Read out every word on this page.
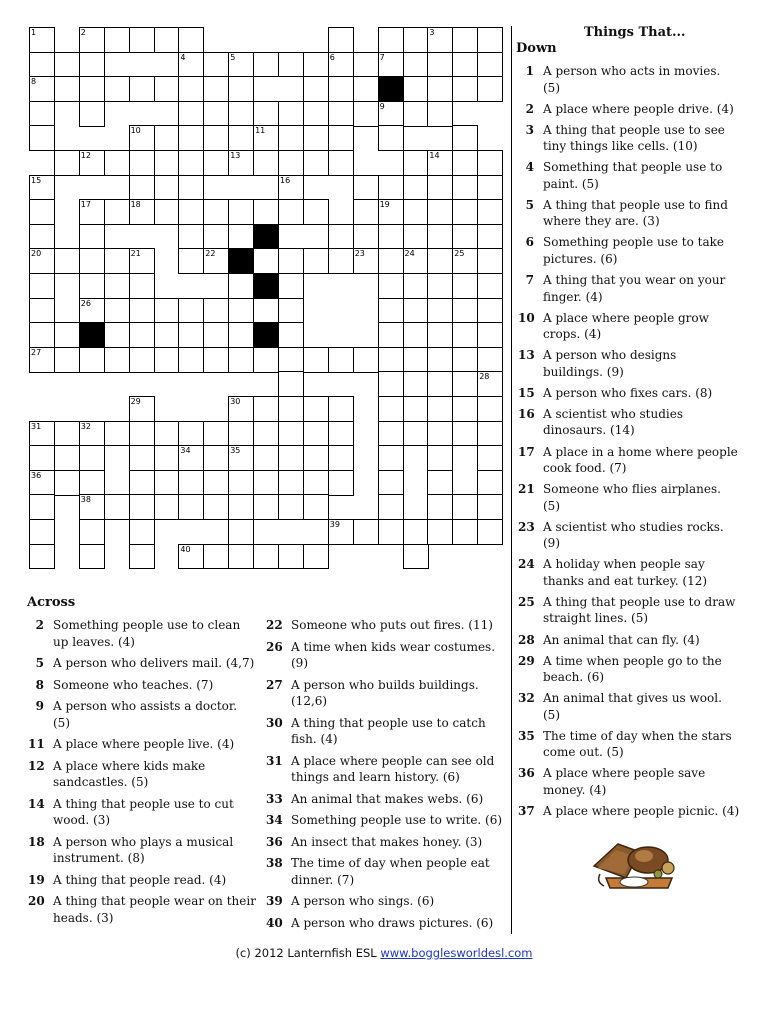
1	2	3
4	5	6	7
8
9
10	11
12	13	14
15	16
17	18	19
20	21	22	23	24	25
26
27
28
29	30
31	32
34	35
36
38
39
40
Things That...
Across
Down
2 Something people use to clean up leaves. (4)
5 A person who delivers mail. (4,7)
8 Someone who teaches. (7)
9 A person who assists a doctor. (5)
11 A place where people live. (4)
12 A place where kids make sandcastles. (5)
14 A thing that people use to cut wood. (3)
18 A person who plays a musical instrument. (8)
19 A thing that people read. (4)
20 A thing that people wear on their heads. (3)
22 Someone who puts out fires. (11)
26 A time when kids wear costumes. (9)
27 A person who builds buildings. (12,6)
30 A thing that people use to catch fish. (4)
31 A place where people can see old things and learn history. (6)
33 An animal that makes webs. (6)
34 Something people use to write. (6)
36 An insect that makes honey. (3)
38 The time of day when people eat dinner. (7)
39 A person who sings. (6)
40 A person who draws pictures. (6)
1 A person who acts in movies. (5)
2 A place where people drive. (4)
3 A thing that people use to see tiny things like cells. (10)
4 Something that people use to paint. (5)
5 A thing that people use to find where they are. (3)
6 Something people use to take pictures. (6)
7 A thing that you wear on your finger. (4)
10 A place where people grow crops. (4)
13 A person who designs buildings. (9)
15 A person who fixes cars. (8)
16 A scientist who studies dinosaurs. (14)
17 A place in a home where people cook food. (7)
21 Someone who flies airplanes. (5)
23 A scientist who studies rocks. (9)
24 A holiday when people say thanks and eat turkey. (12)
25 A thing that people use to draw straight lines. (5)
28 An animal that can fly. (4)
29 A time when people go to the beach. (6)
32 An animal that gives us wool. (5)
35 The time of day when the stars come out. (5)
36 A place where people save money. (4)
37 A place where people picnic. (4)
(c) 2012 Lanternfish ESL www.bogglesworldesl.com
